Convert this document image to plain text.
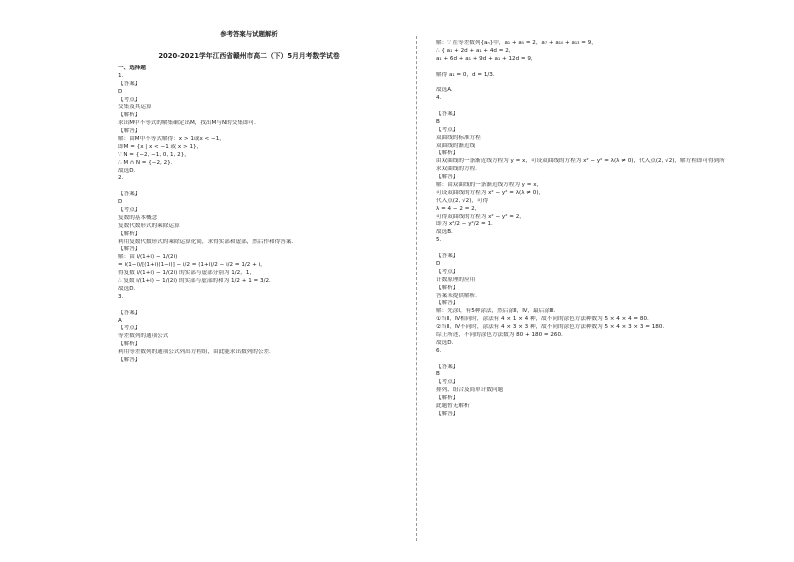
参考答案与试题解析
2020-2021学年江西省赣州市高二（下）5月月考数学试卷
一、选择题
1.
【答案】
D
【考点】
交集及其运算
【解析】
求出M中不等式的解集确定出M，找出M与N的交集即可.
【解答】
解：由M中不等式解得：x > 1或x < −1，
即M = {x | x < −1 或 x > 1}，
∵ N = {−2, −1, 0, 1, 2}，
∴ M ∩ N = {−2, 2}.
故选D.
2.
【答案】
D
【考点】
复数的基本概念
复数代数形式的乘除运算
【解析】
利用复数代数形式的乘除运算化简，求得实部和虚部，然后作和得答案.
【解答】
解：由 i/(1+i) − 1/(2i)
= i(1−i)/[(1+i)(1−i)] − i/2 = (1+i)/2 − i/2 = 1/2 + i，
得复数 i/(1+i) − 1/(2i) 的实部与虚部分别为 1/2，1，
∴ 复数 i/(1+i) − 1/(2i) 的实部与虚部的和为 1/2 + 1 = 3/2.
故选D.
3.
【答案】
A
【考点】
等差数列的通项公式
【解析】
利用等差数列的通项公式列出方程组，由此能求出数列的公差.
【解答】
解：∵ 在等差数列{aₙ}中，a₁ + a₅ = 2，a₇ + a₁₀ + a₁₃ = 9，
∴ { a₁ + 2d + a₁ + 4d = 2,
a₁ + 6d + a₁ + 9d + a₁ + 12d = 9,
解得 a₁ = 0，d = 1/3.
故选A.
4.
【答案】
B
【考点】
双曲线的标准方程
双曲线的渐近线
【解析】
由双曲线的一条渐近线方程为 y = x，可设双曲线的方程为 x² − y² = λ(λ ≠ 0)，代入点(2, √2)，解方程即可得到所
求双曲线的方程.
【解答】
解：由双曲线的一条渐近线方程为 y = x，
可设双曲线的方程为 x² − y² = λ(λ ≠ 0)，
代入点(2, √2)，可得
λ = 4 − 2 = 2，
可得双曲线的方程为 x² − y² = 2，
即为 x²/2 − y²/2 = 1.
故选B.
5.
【答案】
D
【考点】
计数原理的应用
【解析】
答案未提供解析.
【解答】
解：先涂Ⅰ，有5种涂法，然后涂Ⅱ，Ⅳ，最后涂Ⅲ.
①当Ⅱ，Ⅳ相同时，涂法有 4 × 1 × 4 种，故不同的涂色方法种数为 5 × 4 × 4 = 80.
②当Ⅱ，Ⅳ不同时，涂法有 4 × 3 × 3 种，故不同的涂色方法种数为 5 × 4 × 3 × 3 = 180.
综上所述，不同的涂色方法数为 80 + 180 = 260.
故选D.
6.
【答案】
B
【考点】
排列、组合及简单计数问题
【解析】
此题暂无解析
【解答】
